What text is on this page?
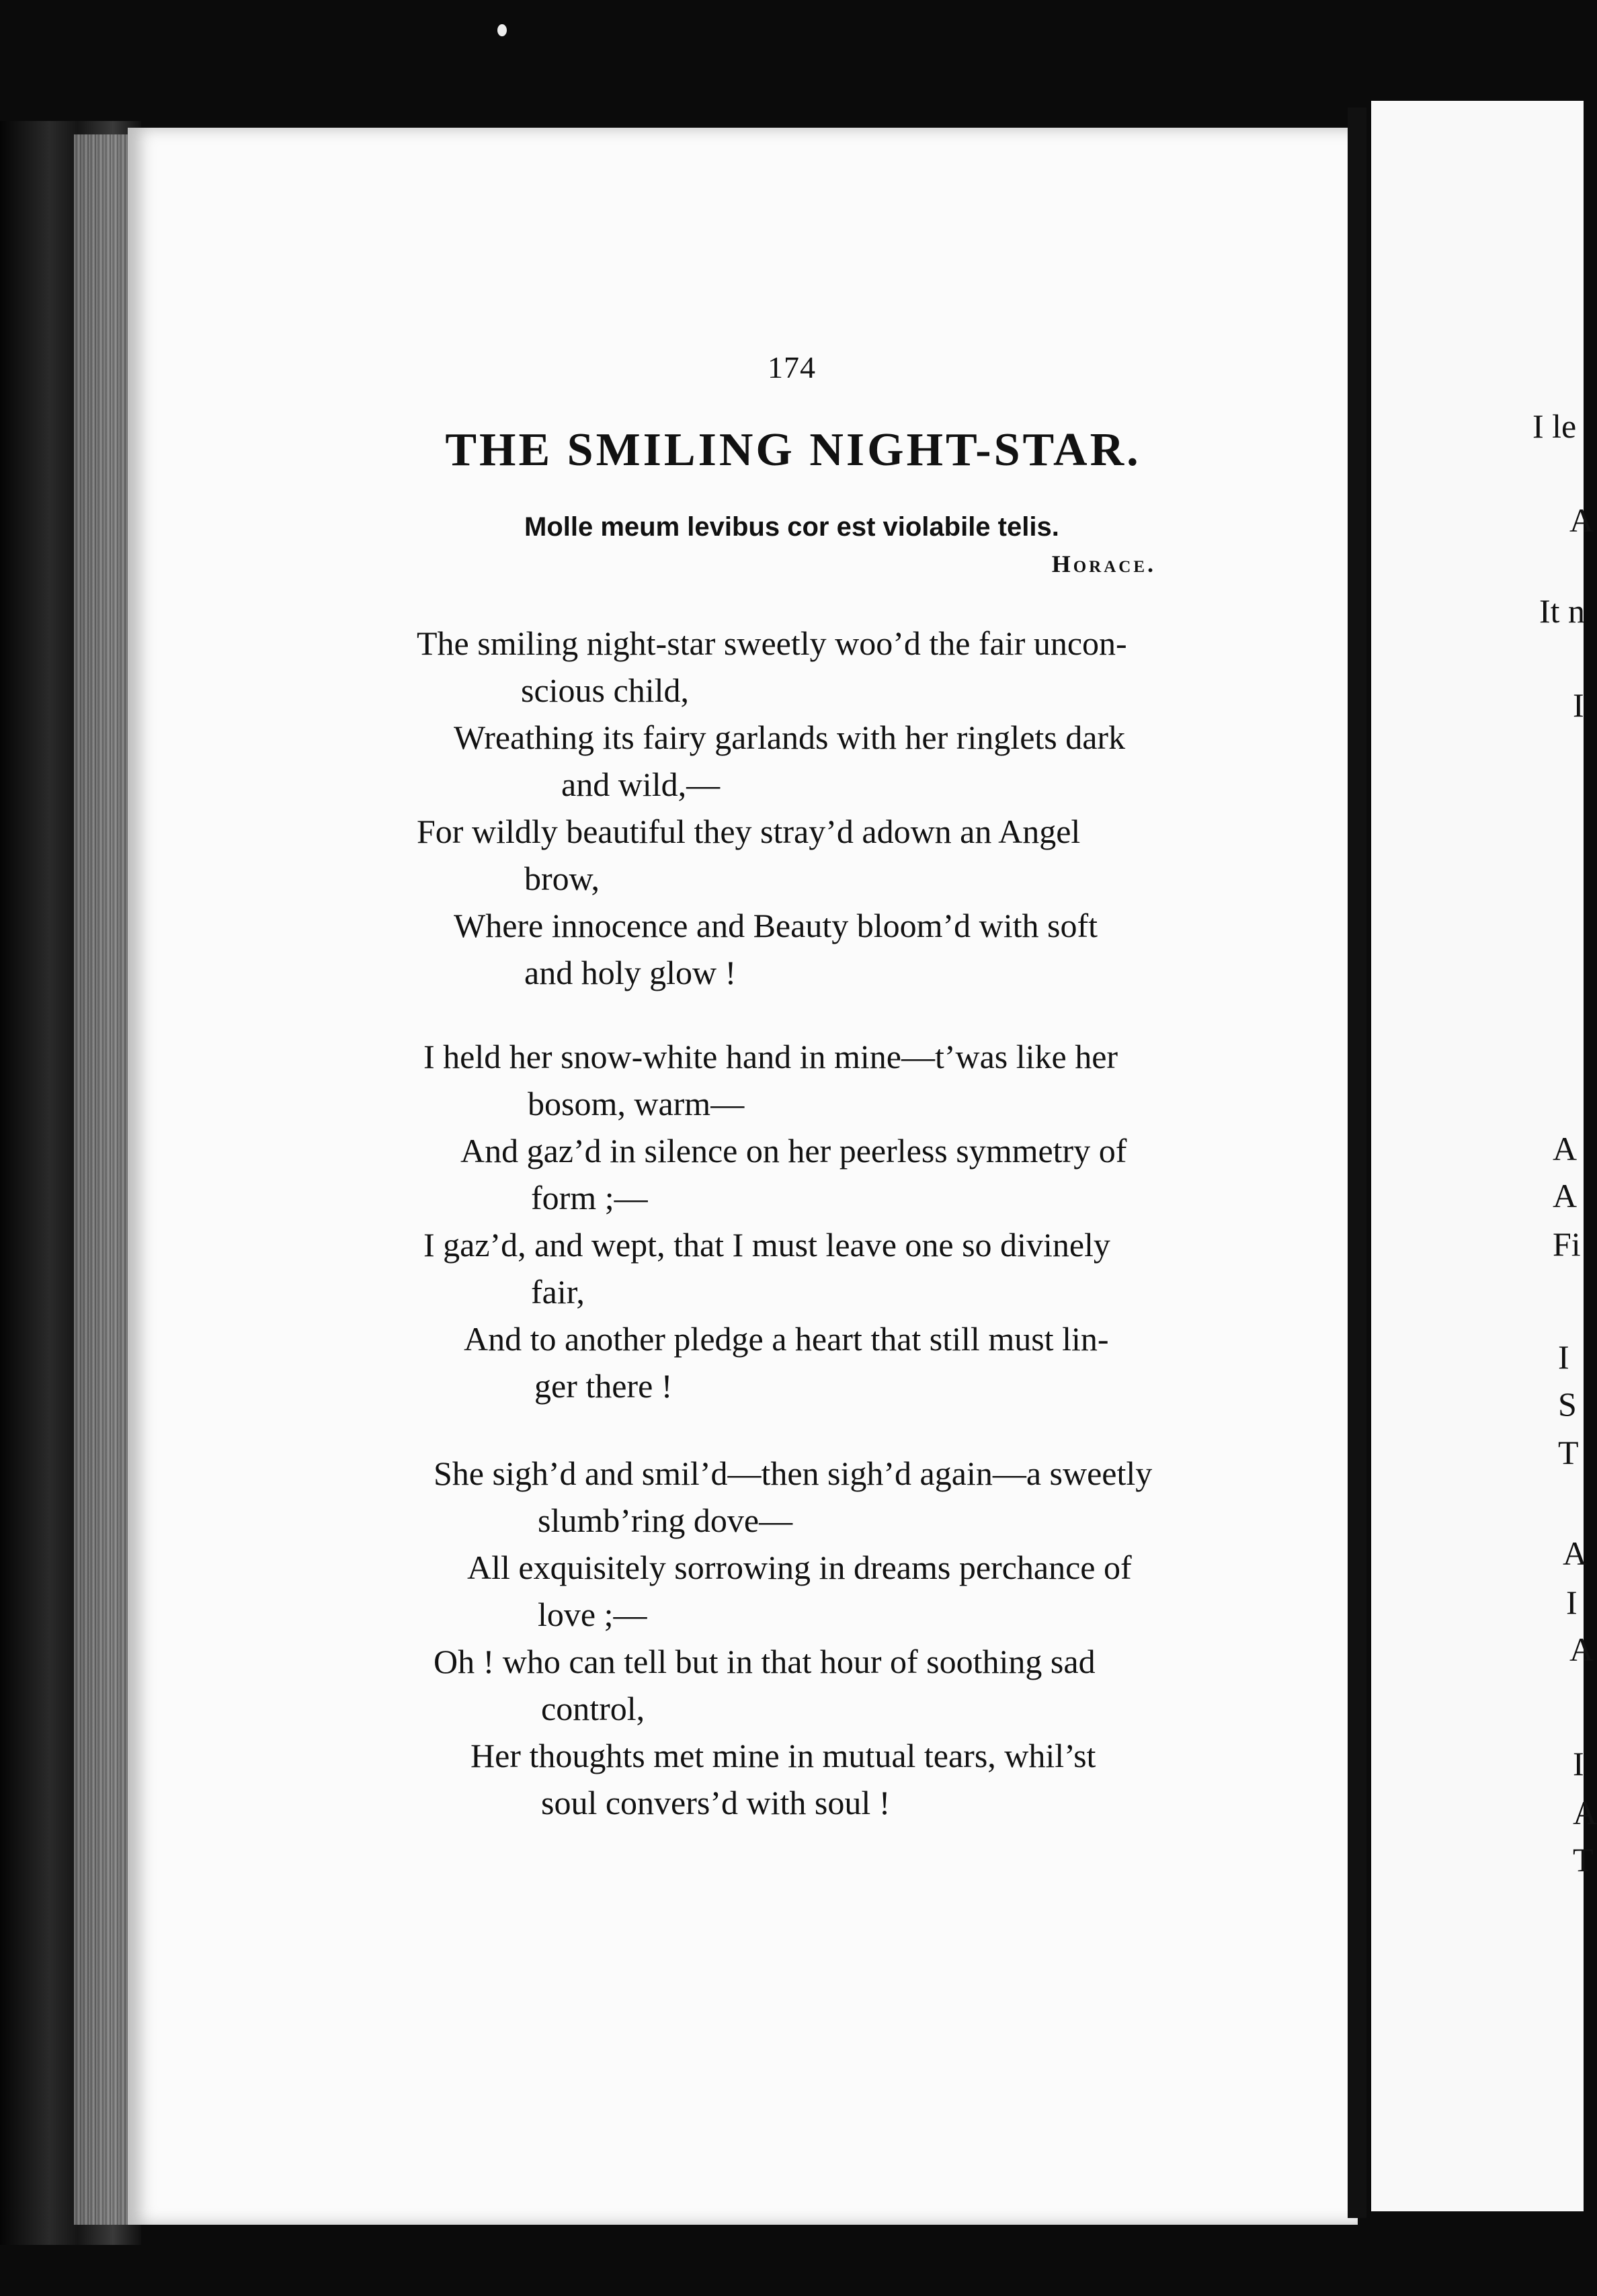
174
THE SMILING NIGHT-STAR.
Molle meum levibus cor est violabile telis.
Horace.
The smiling night-star sweetly woo’d the fair uncon-
scious child,
Wreathing its fairy garlands with her ringlets dark
and wild,—
For wildly beautiful they stray’d adown an Angel
brow,
Where innocence and Beauty bloom’d with soft
and holy glow !
I held her snow-white hand in mine—t’was like her
bosom, warm—
And gaz’d in silence on her peerless symmetry of
form ;—
I gaz’d, and wept, that I must leave one so divinely
fair,
And to another pledge a heart that still must lin-
ger there !
She sigh’d and smil’d—then sigh’d again—a sweetly
slumb’ring dove—
All exquisitely sorrowing in dreams perchance of
love ;—
Oh ! who can tell but in that hour of soothing sad
control,
Her thoughts met mine in mutual tears, whil’st
soul convers’d with soul !
I le
A
It n
I
A
A
Fi
I
S
T
A
I
A
I
A
T
